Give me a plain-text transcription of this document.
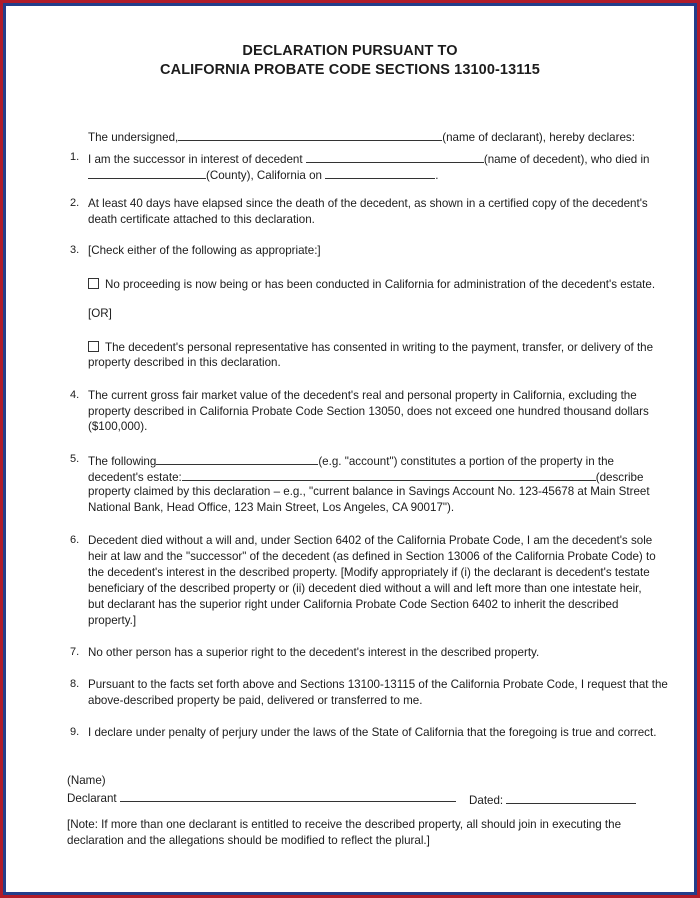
DECLARATION PURSUANT TO
CALIFORNIA PROBATE CODE SECTIONS 13100-13115
The undersigned,	(name of declarant), hereby declares:
1. I am the successor in interest of decedent	(name of decedent), who died in
(County), California on	.
2. At least 40 days have elapsed since the death of the decedent, as shown in a certified copy of the decedent's
death certificate attached to this declaration.
3. [Check either of the following as appropriate:]
No proceeding is now being or has been conducted in California for administration of the decedent's estate.
[OR]
The decedent's personal representative has consented in writing to the payment, transfer, or delivery of the
property described in this declaration.
4. The current gross fair market value of the decedent's real and personal property in California, excluding the
property described in California Probate Code Section 13050, does not exceed one hundred thousand dollars
($100,000).
5. The following	(e.g. "account") constitutes a portion of the property in the
decedent's estate:	(describe
property claimed by this declaration – e.g., "current balance in Savings Account No. 123-45678 at Main Street
National Bank, Head Office, 123 Main Street, Los Angeles, CA 90017").
6. Decedent died without a will and, under Section 6402 of the California Probate Code, I am the decedent's sole
heir at law and the "successor" of the decedent (as defined in Section 13006 of the California Probate Code) to
the decedent's interest in the described property. [Modify appropriately if (i) the declarant is decedent's testate
beneficiary of the described property or (ii) decedent died without a will and left more than one intestate heir,
but declarant has the superior right under California Probate Code Section 6402 to inherit the described
property.]
7. No other person has a superior right to the decedent's interest in the described property.
8. Pursuant to the facts set forth above and Sections 13100-13115 of the California Probate Code, I request that the
above-described property be paid, delivered or transferred to me.
9. I declare under penalty of perjury under the laws of the State of California that the foregoing is true and correct.
(Name)
Declarant	Dated:
[Note: If more than one declarant is entitled to receive the described property, all should join in executing the
declaration and the allegations should be modified to reflect the plural.]
